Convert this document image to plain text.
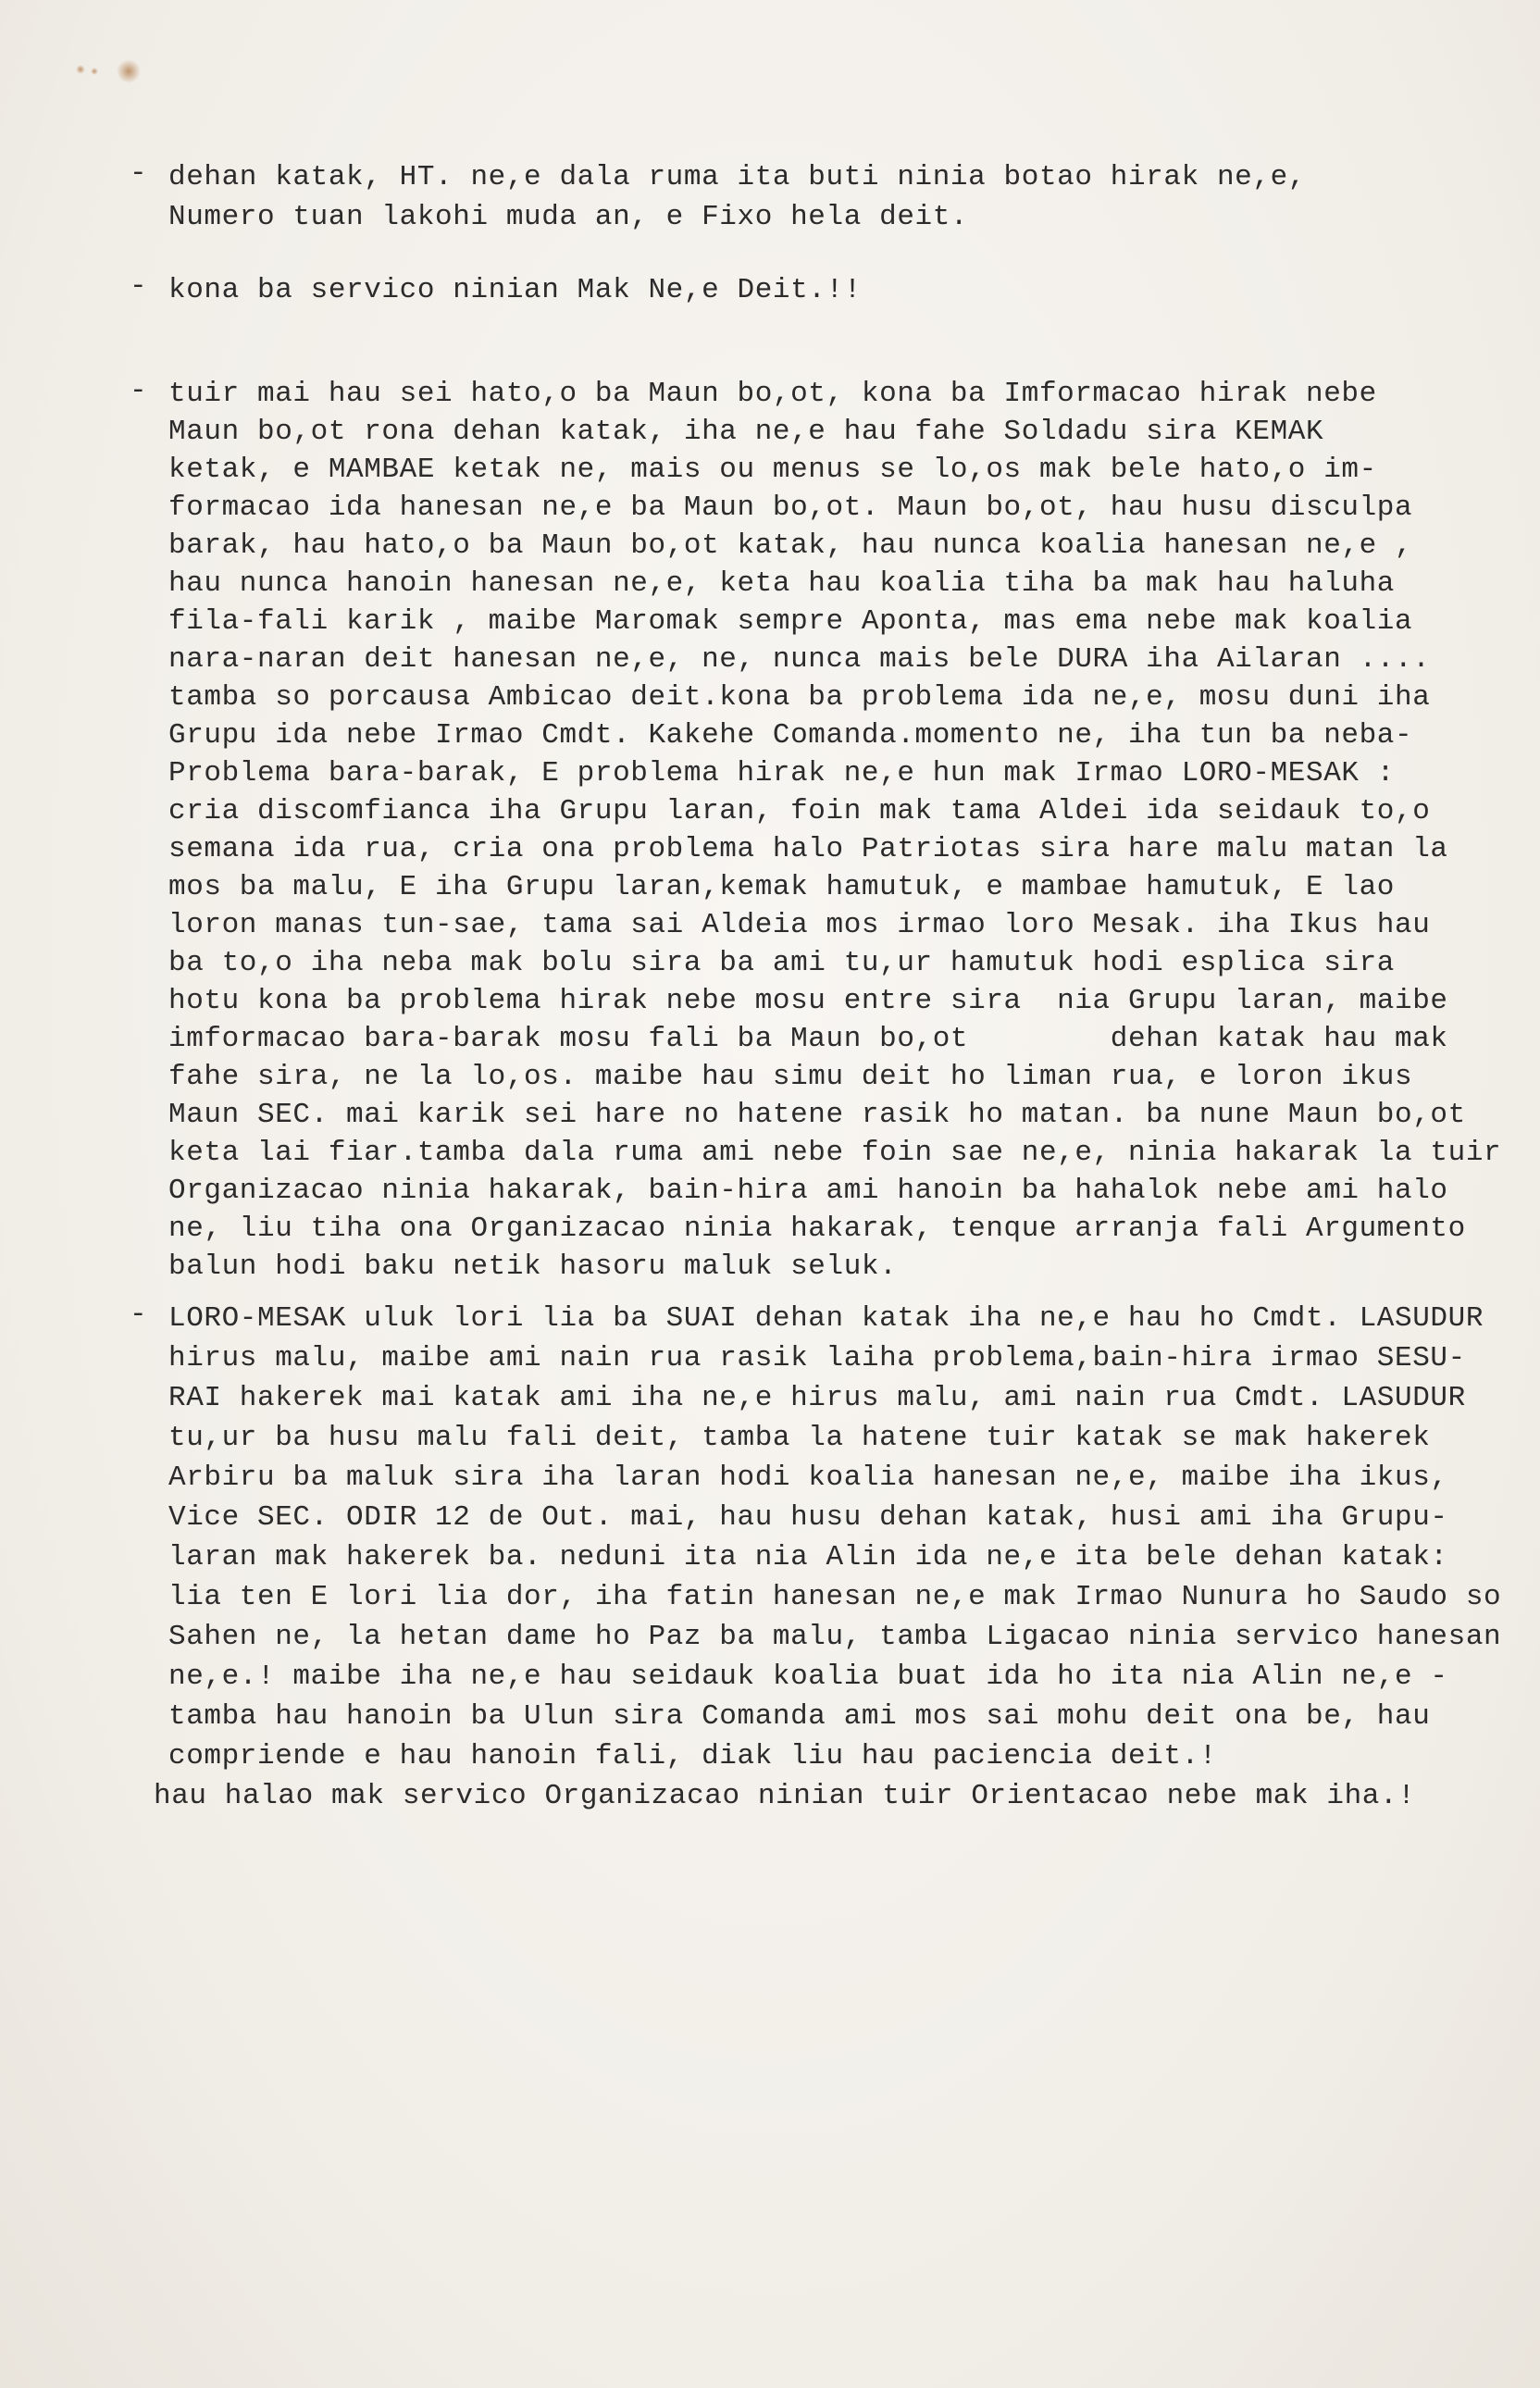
- dehan katak, HT. ne,e dala ruma ita buti ninia botao hirak ne,e,
Numero tuan lakohi muda an, e Fixo hela deit.
- kona ba servico ninian Mak Ne,e Deit.!!
- tuir mai hau sei hato,o ba Maun bo,ot, kona ba Imformacao hirak nebe
Maun bo,ot rona dehan katak, iha ne,e hau fahe Soldadu sira KEMAK
ketak, e MAMBAE ketak ne, mais ou menus se lo,os mak bele hato,o im-
formacao ida hanesan ne,e ba Maun bo,ot. Maun bo,ot, hau husu disculpa
barak, hau hato,o ba Maun bo,ot katak, hau nunca koalia hanesan ne,e ,
hau nunca hanoin hanesan ne,e, keta hau koalia tiha ba mak hau haluha
fila-fali karik , maibe Maromak sempre Aponta, mas ema nebe mak koalia
nara-naran deit hanesan ne,e, ne, nunca mais bele DURA iha Ailaran ....
tamba so porcausa Ambicao deit.kona ba problema ida ne,e, mosu duni iha
Grupu ida nebe Irmao Cmdt. Kakehe Comanda.momento ne, iha tun ba neba-
Problema bara-barak, E problema hirak ne,e hun mak Irmao LORO-MESAK :
cria discomfianca iha Grupu laran, foin mak tama Aldei ida seidauk to,o
semana ida rua, cria ona problema halo Patriotas sira hare malu matan la
mos ba malu, E iha Grupu laran,kemak hamutuk, e mambae hamutuk, E lao
loron manas tun-sae, tama sai Aldeia mos irmao loro Mesak. iha Ikus hau
ba to,o iha neba mak bolu sira ba ami tu,ur hamutuk hodi esplica sira
hotu kona ba problema hirak nebe mosu entre sira  nia Grupu laran, maibe
imformacao bara-barak mosu fali ba Maun bo,ot        dehan katak hau mak
fahe sira, ne la lo,os. maibe hau simu deit ho liman rua, e loron ikus
Maun SEC. mai karik sei hare no hatene rasik ho matan. ba nune Maun bo,ot
keta lai fiar.tamba dala ruma ami nebe foin sae ne,e, ninia hakarak la tuir
Organizacao ninia hakarak, bain-hira ami hanoin ba hahalok nebe ami halo
ne, liu tiha ona Organizacao ninia hakarak, tenque arranja fali Argumento
balun hodi baku netik hasoru maluk seluk.
- LORO-MESAK uluk lori lia ba SUAI dehan katak iha ne,e hau ho Cmdt. LASUDUR
hirus malu, maibe ami nain rua rasik laiha problema,bain-hira irmao SESU-
RAI hakerek mai katak ami iha ne,e hirus malu, ami nain rua Cmdt. LASUDUR
tu,ur ba husu malu fali deit, tamba la hatene tuir katak se mak hakerek
Arbiru ba maluk sira iha laran hodi koalia hanesan ne,e, maibe iha ikus,
Vice SEC. ODIR 12 de Out. mai, hau husu dehan katak, husi ami iha Grupu-
laran mak hakerek ba. neduni ita nia Alin ida ne,e ita bele dehan katak:
lia ten E lori lia dor, iha fatin hanesan ne,e mak Irmao Nunura ho Saudo so
Sahen ne, la hetan dame ho Paz ba malu, tamba Ligacao ninia servico hanesan
ne,e.! maibe iha ne,e hau seidauk koalia buat ida ho ita nia Alin ne,e -
tamba hau hanoin ba Ulun sira Comanda ami mos sai mohu deit ona be, hau
compriende e hau hanoin fali, diak liu hau paciencia deit.!
hau halao mak servico Organizacao ninian tuir Orientacao nebe mak iha.!
